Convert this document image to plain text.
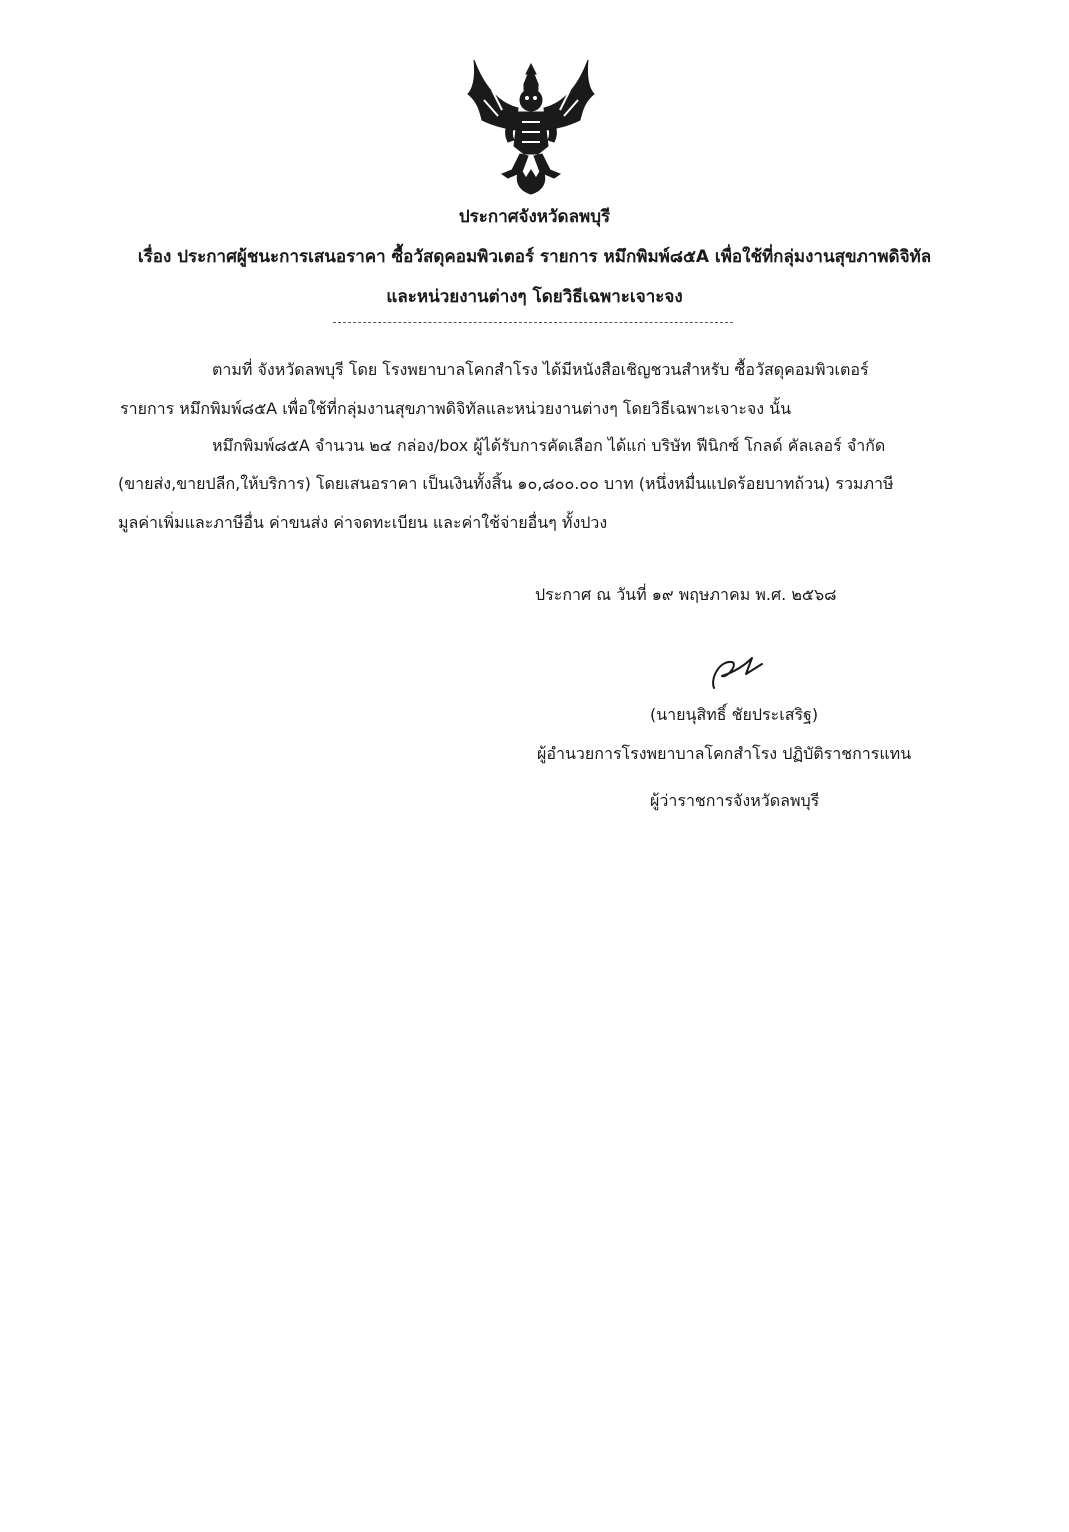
ประกาศจังหวัดลพบุรี
เรื่อง ประกาศผู้ชนะการเสนอราคา ซื้อวัสดุคอมพิวเตอร์ รายการ หมึกพิมพ์๘๕A เพื่อใช้ที่กลุ่มงานสุขภาพดิจิทัล
และหน่วยงานต่างๆ โดยวิธีเฉพาะเจาะจง
ตามที่ จังหวัดลพบุรี โดย โรงพยาบาลโคกสำโรง ได้มีหนังสือเชิญชวนสำหรับ ซื้อวัสดุคอมพิวเตอร์
รายการ หมึกพิมพ์๘๕A เพื่อใช้ที่กลุ่มงานสุขภาพดิจิทัลและหน่วยงานต่างๆ โดยวิธีเฉพาะเจาะจง นั้น
หมึกพิมพ์๘๕A จำนวน ๒๔ กล่อง/box ผู้ได้รับการคัดเลือก ได้แก่ บริษัท ฟีนิกซ์ โกลด์ คัลเลอร์ จำกัด
(ขายส่ง,ขายปลีก,ให้บริการ) โดยเสนอราคา เป็นเงินทั้งสิ้น ๑๐,๘๐๐.๐๐ บาท (หนึ่งหมื่นแปดร้อยบาทถ้วน) รวมภาษี
มูลค่าเพิ่มและภาษีอื่น ค่าขนส่ง ค่าจดทะเบียน และค่าใช้จ่ายอื่นๆ ทั้งปวง
ประกาศ ณ วันที่ ๑๙ พฤษภาคม พ.ศ. ๒๕๖๘
(นายนุสิทธิ์ ชัยประเสริฐ)
ผู้อำนวยการโรงพยาบาลโคกสำโรง ปฏิบัติราชการแทน
ผู้ว่าราชการจังหวัดลพบุรี
